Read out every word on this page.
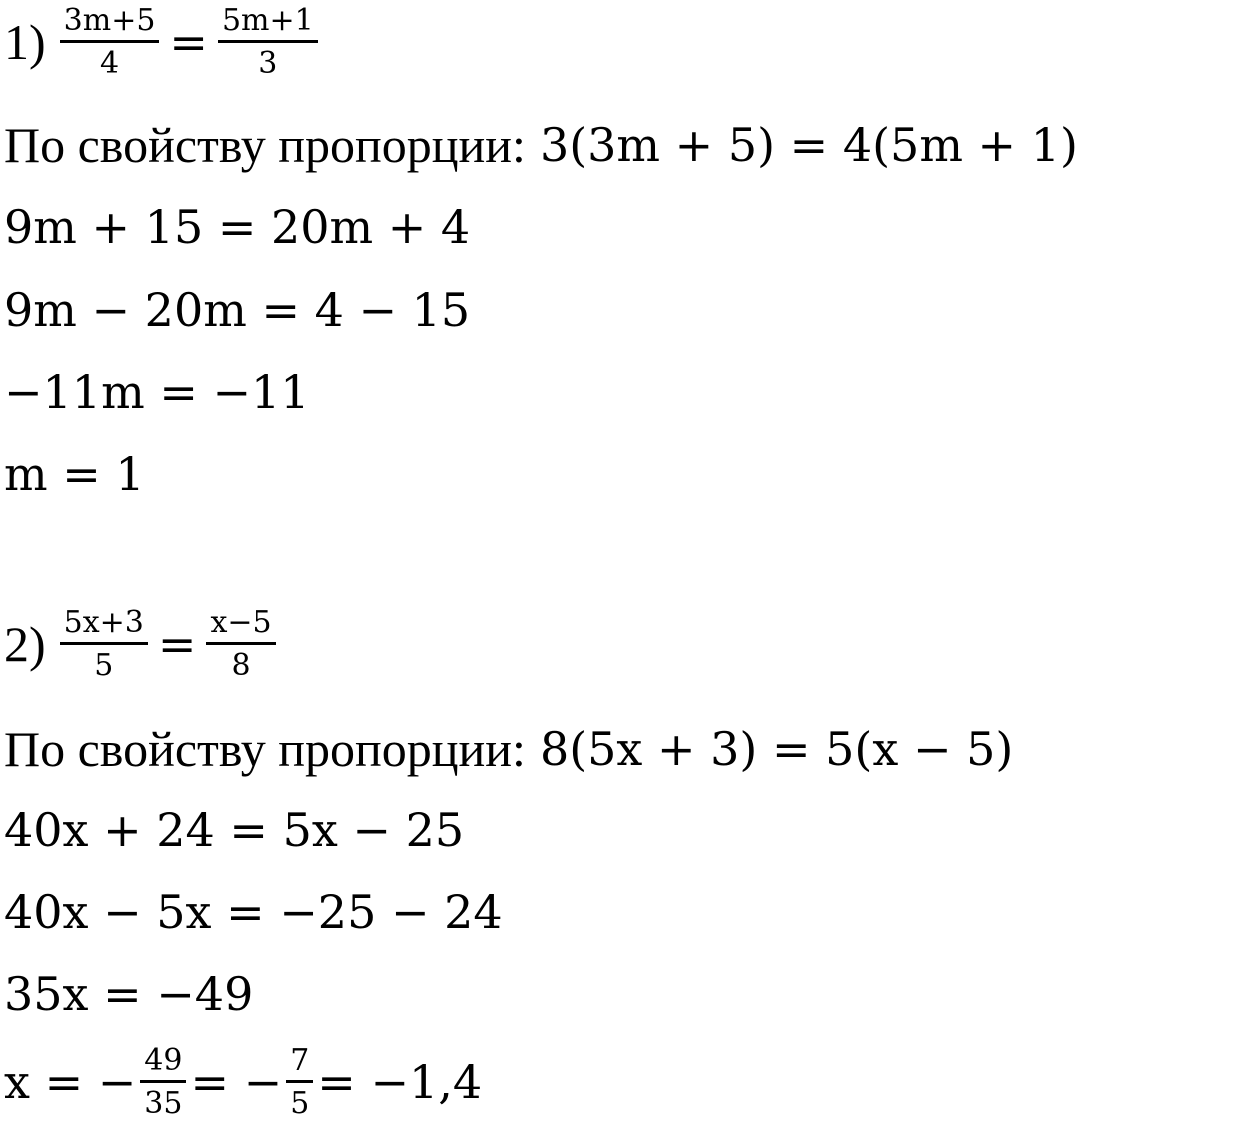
$1) \frac{3m+5}{4} = \frac{5m+1}{3}$
По свойству пропорции: 3(3m + 5) = 4(5m + 1)
9m + 15 = 20m + 4
9m − 20m = 4 − 15
−11m = −11
m = 1
$2) \frac{5x+3}{5} = \frac{x-5}{8}$
По свойству пропорции: 8(5x + 3) = 5(x − 5)
40x + 24 = 5x − 25
40x − 5x = −25 − 24
35x = −49
x = − $\frac{49}{35}$ = − $\frac{7}{5} = -1,4$
